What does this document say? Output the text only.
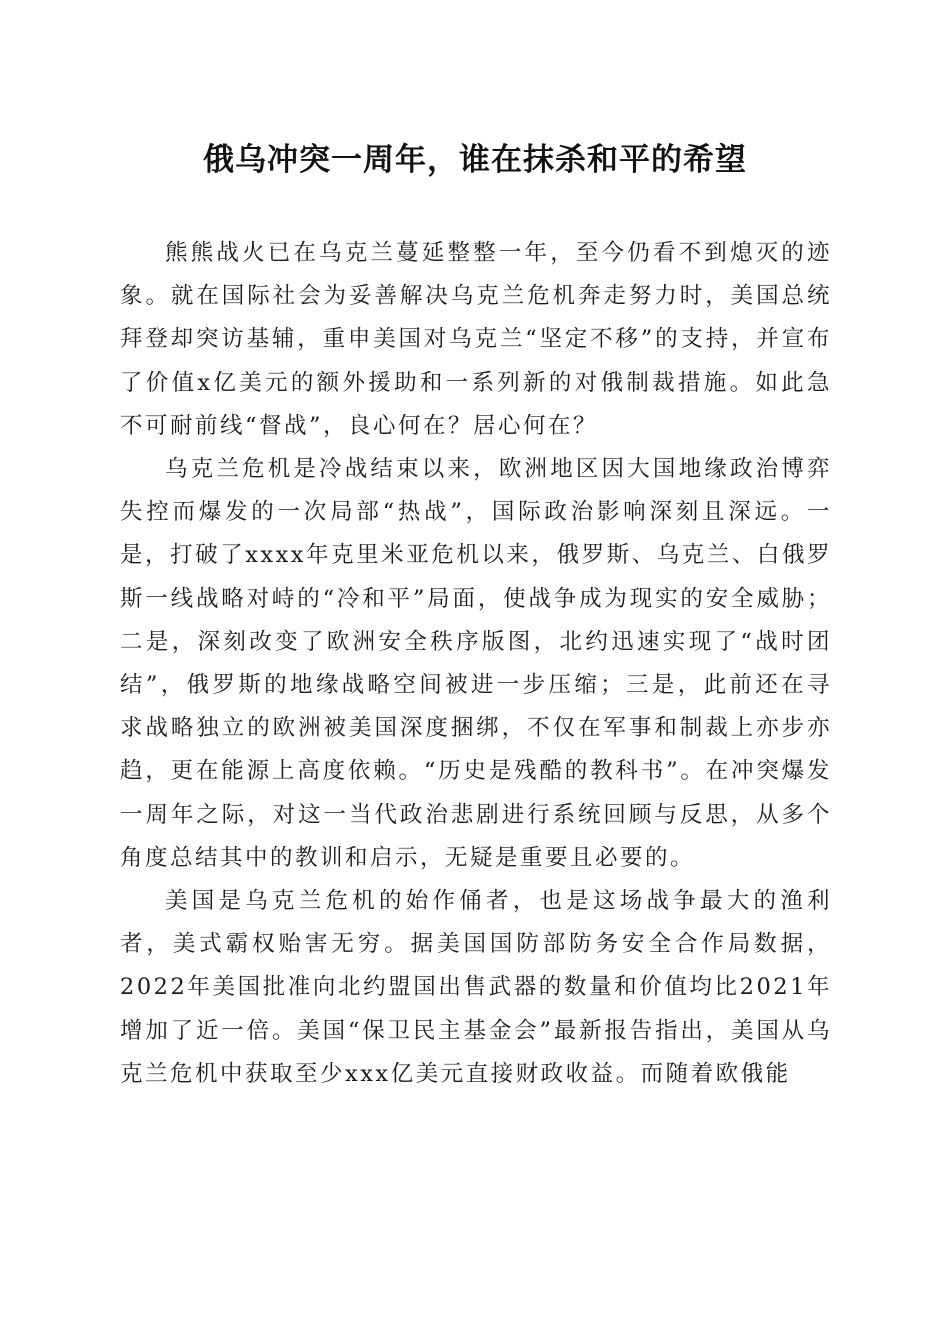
俄乌冲突一周年，谁在抹杀和平的希望

熊熊战火已在乌克兰蔓延整整一年，至今仍看不到熄灭的迹象。就在国际社会为妥善解决乌克兰危机奔走努力时，美国总统拜登却突访基辅，重申美国对乌克兰“坚定不移”的支持，并宣布了价值x亿美元的额外援助和一系列新的对俄制裁措施。如此急不可耐前线“督战”，良心何在？居心何在？

乌克兰危机是冷战结束以来，欧洲地区因大国地缘政治博弈失控而爆发的一次局部“热战”，国际政治影响深刻且深远。一是，打破了xxxx年克里米亚危机以来，俄罗斯、乌克兰、白俄罗斯一线战略对峙的“冷和平”局面，使战争成为现实的安全威胁；二是，深刻改变了欧洲安全秩序版图，北约迅速实现了“战时团结”，俄罗斯的地缘战略空间被进一步压缩；三是，此前还在寻求战略独立的欧洲被美国深度捆绑，不仅在军事和制裁上亦步亦趋，更在能源上高度依赖。“历史是残酷的教科书”。在冲突爆发一周年之际，对这一当代政治悲剧进行系统回顾与反思，从多个角度总结其中的教训和启示，无疑是重要且必要的。

美国是乌克兰危机的始作俑者，也是这场战争最大的渔利者，美式霸权贻害无穷。据美国国防部防务安全合作局数据，2022年美国批准向北约盟国出售武器的数量和价值均比2021年增加了近一倍。美国“保卫民主基金会”最新报告指出，美国从乌克兰危机中获取至少xxx亿美元直接财政收益。而随着欧俄能
